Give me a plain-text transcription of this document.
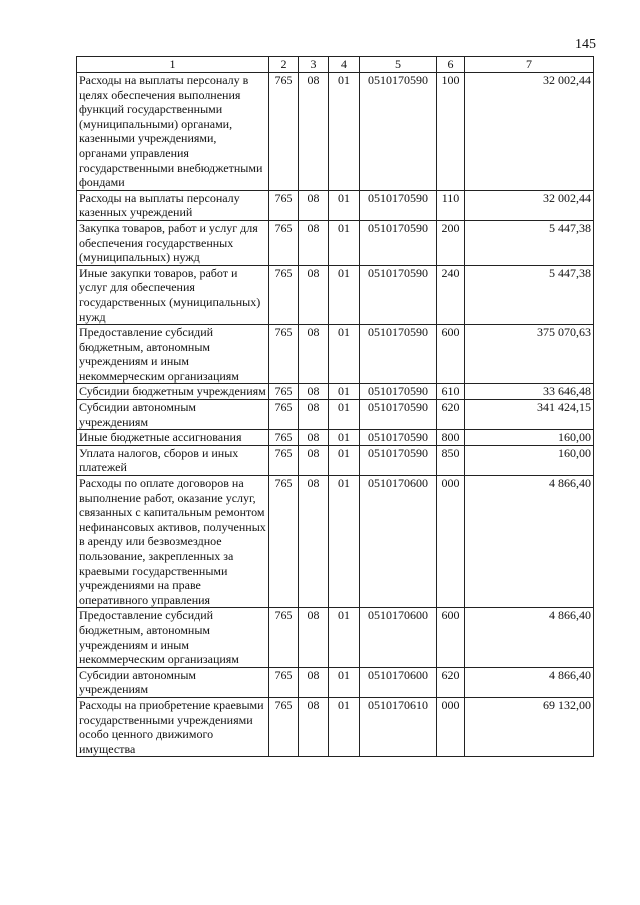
145
1	2	3	4	5	6	7
Расходы на выплаты персоналу в целях обеспечения выполнения функций государственными (муниципальными) органами, казенными учреждениями, органами управления государственными внебюджетными фондами	765	08	01	0510170590	100	32 002,44
Расходы на выплаты персоналу казенных учреждений	765	08	01	0510170590	110	32 002,44
Закупка товаров, работ и услуг для обеспечения государственных (муниципальных) нужд	765	08	01	0510170590	200	5 447,38
Иные закупки товаров, работ и услуг для обеспечения государственных (муниципальных) нужд	765	08	01	0510170590	240	5 447,38
Предоставление субсидий бюджетным, автономным учреждениям и иным некоммерческим организациям	765	08	01	0510170590	600	375 070,63
Субсидии бюджетным учреждениям	765	08	01	0510170590	610	33 646,48
Субсидии автономным учреждениям	765	08	01	0510170590	620	341 424,15
Иные бюджетные ассигнования	765	08	01	0510170590	800	160,00
Уплата налогов, сборов и иных платежей	765	08	01	0510170590	850	160,00
Расходы по оплате договоров на выполнение работ, оказание услуг, связанных с капитальным ремонтом нефинансовых активов, полученных в аренду или безвозмездное пользование, закрепленных за краевыми государственными учреждениями на праве оперативного управления	765	08	01	0510170600	000	4 866,40
Предоставление субсидий бюджетным, автономным учреждениям и иным некоммерческим организациям	765	08	01	0510170600	600	4 866,40
Субсидии автономным учреждениям	765	08	01	0510170600	620	4 866,40
Расходы на приобретение краевыми государственными учреждениями особо ценного движимого имущества	765	08	01	0510170610	000	69 132,00
